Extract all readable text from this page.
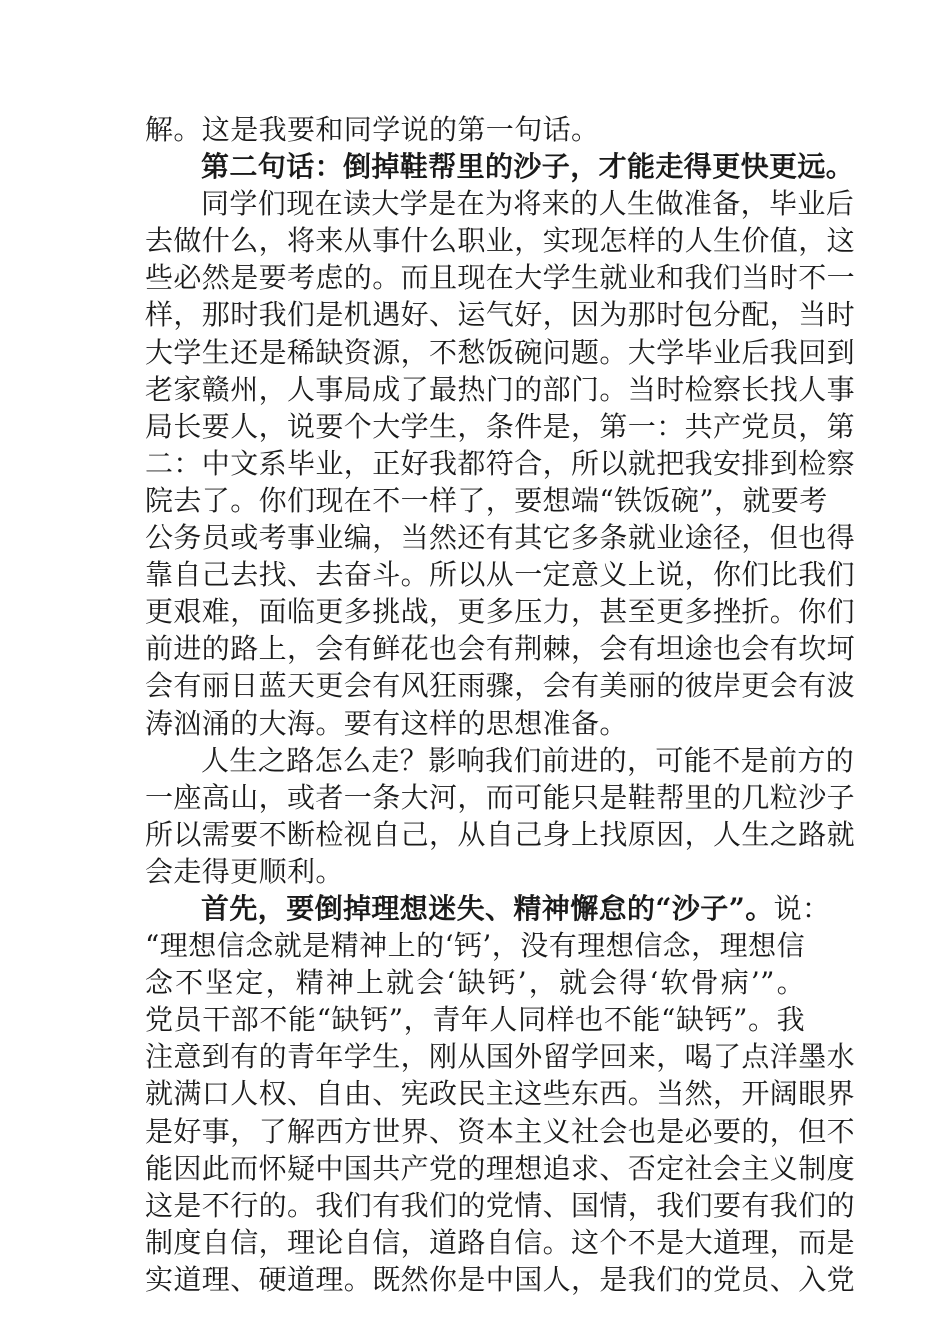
解。这是我要和同学说的第一句话。
第二句话：倒掉鞋帮里的沙子，才能走得更快更远。
同学们现在读大学是在为将来的人生做准备，毕业后
去做什么，将来从事什么职业，实现怎样的人生价值，这
些必然是要考虑的。而且现在大学生就业和我们当时不一
样，那时我们是机遇好、运气好，因为那时包分配，当时
大学生还是稀缺资源，不愁饭碗问题。大学毕业后我回到
老家赣州，人事局成了最热门的部门。当时检察长找人事
局长要人，说要个大学生，条件是，第一：共产党员，第
二：中文系毕业，正好我都符合，所以就把我安排到检察
院去了。你们现在不一样了，要想端“铁饭碗”，就要考
公务员或考事业编，当然还有其它多条就业途径，但也得
靠自己去找、去奋斗。所以从一定意义上说，你们比我们
更艰难，面临更多挑战，更多压力，甚至更多挫折。你们
前进的路上，会有鲜花也会有荆棘，会有坦途也会有坎坷
会有丽日蓝天更会有风狂雨骤，会有美丽的彼岸更会有波
涛汹涌的大海。要有这样的思想准备。
人生之路怎么走？影响我们前进的，可能不是前方的
一座高山，或者一条大河，而可能只是鞋帮里的几粒沙子
所以需要不断检视自己，从自己身上找原因，人生之路就
会走得更顺利。
首先，要倒掉理想迷失、精神懈怠的“沙子”。说：
“理想信念就是精神上的‘钙’，没有理想信念，理想信
念不坚定，精神上就会‘缺钙’，就会得‘软骨病’”。
党员干部不能“缺钙”，青年人同样也不能“缺钙”。我
注意到有的青年学生，刚从国外留学回来，喝了点洋墨水
就满口人权、自由、宪政民主这些东西。当然，开阔眼界
是好事，了解西方世界、资本主义社会也是必要的，但不
能因此而怀疑中国共产党的理想追求、否定社会主义制度
这是不行的。我们有我们的党情、国情，我们要有我们的
制度自信，理论自信，道路自信。这个不是大道理，而是
实道理、硬道理。既然你是中国人，是我们的党员、入党
